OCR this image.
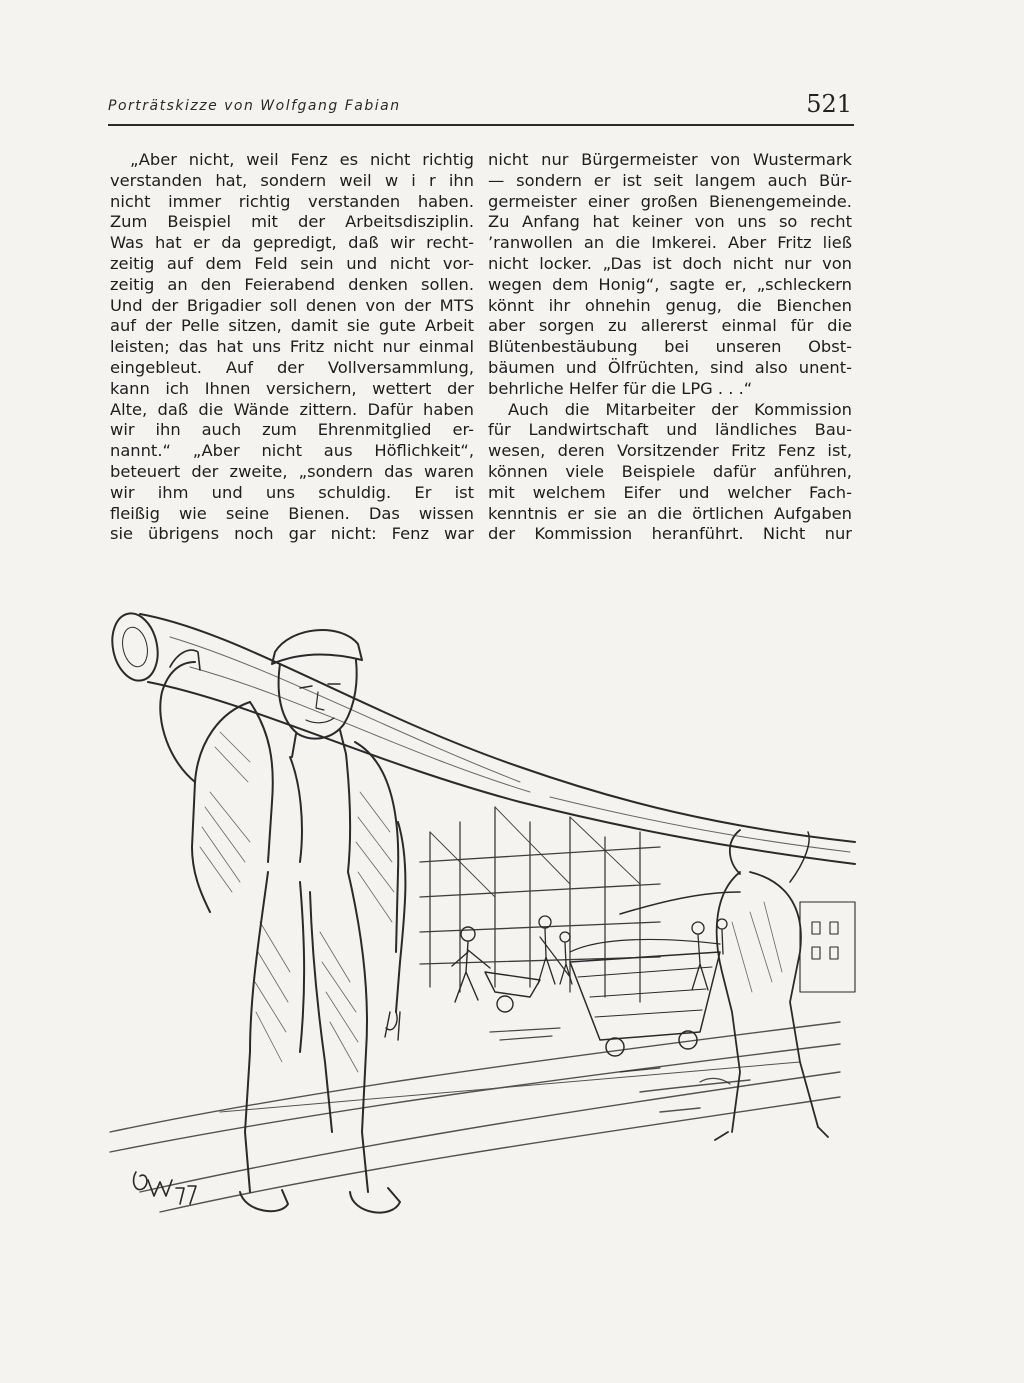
Porträtskizze von Wolfgang Fabian	521
„Aber nicht, weil Fenz es nicht richtig
verstanden hat, sondern weil w i r ihn
nicht immer richtig verstanden haben.
Zum Beispiel mit der Arbeitsdisziplin.
Was hat er da gepredigt, daß wir recht-
zeitig auf dem Feld sein und nicht vor-
zeitig an den Feierabend denken sollen.
Und der Brigadier soll denen von der MTS
auf der Pelle sitzen, damit sie gute Arbeit
leisten; das hat uns Fritz nicht nur einmal
eingebleut. Auf der Vollversammlung,
kann ich Ihnen versichern, wettert der
Alte, daß die Wände zittern. Dafür haben
wir ihn auch zum Ehrenmitglied er-
nannt.“ „Aber nicht aus Höflichkeit“,
beteuert der zweite, „sondern das waren
wir ihm und uns schuldig. Er ist
fleißig wie seine Bienen. Das wissen
sie übrigens noch gar nicht: Fenz war
nicht nur Bürgermeister von Wustermark
— sondern er ist seit langem auch Bür-
germeister einer großen Bienengemeinde.
Zu Anfang hat keiner von uns so recht
’ranwollen an die Imkerei. Aber Fritz ließ
nicht locker. „Das ist doch nicht nur von
wegen dem Honig“, sagte er, „schleckern
könnt ihr ohnehin genug, die Bienchen
aber sorgen zu allererst einmal für die
Blütenbestäubung bei unseren Obst-
bäumen und Ölfrüchten, sind also unent-
behrliche Helfer für die LPG . . .“
Auch die Mitarbeiter der Kommission
für Landwirtschaft und ländliches Bau-
wesen, deren Vorsitzender Fritz Fenz ist,
können viele Beispiele dafür anführen,
mit welchem Eifer und welcher Fach-
kenntnis er sie an die örtlichen Aufgaben
der Kommission heranführt. Nicht nur
